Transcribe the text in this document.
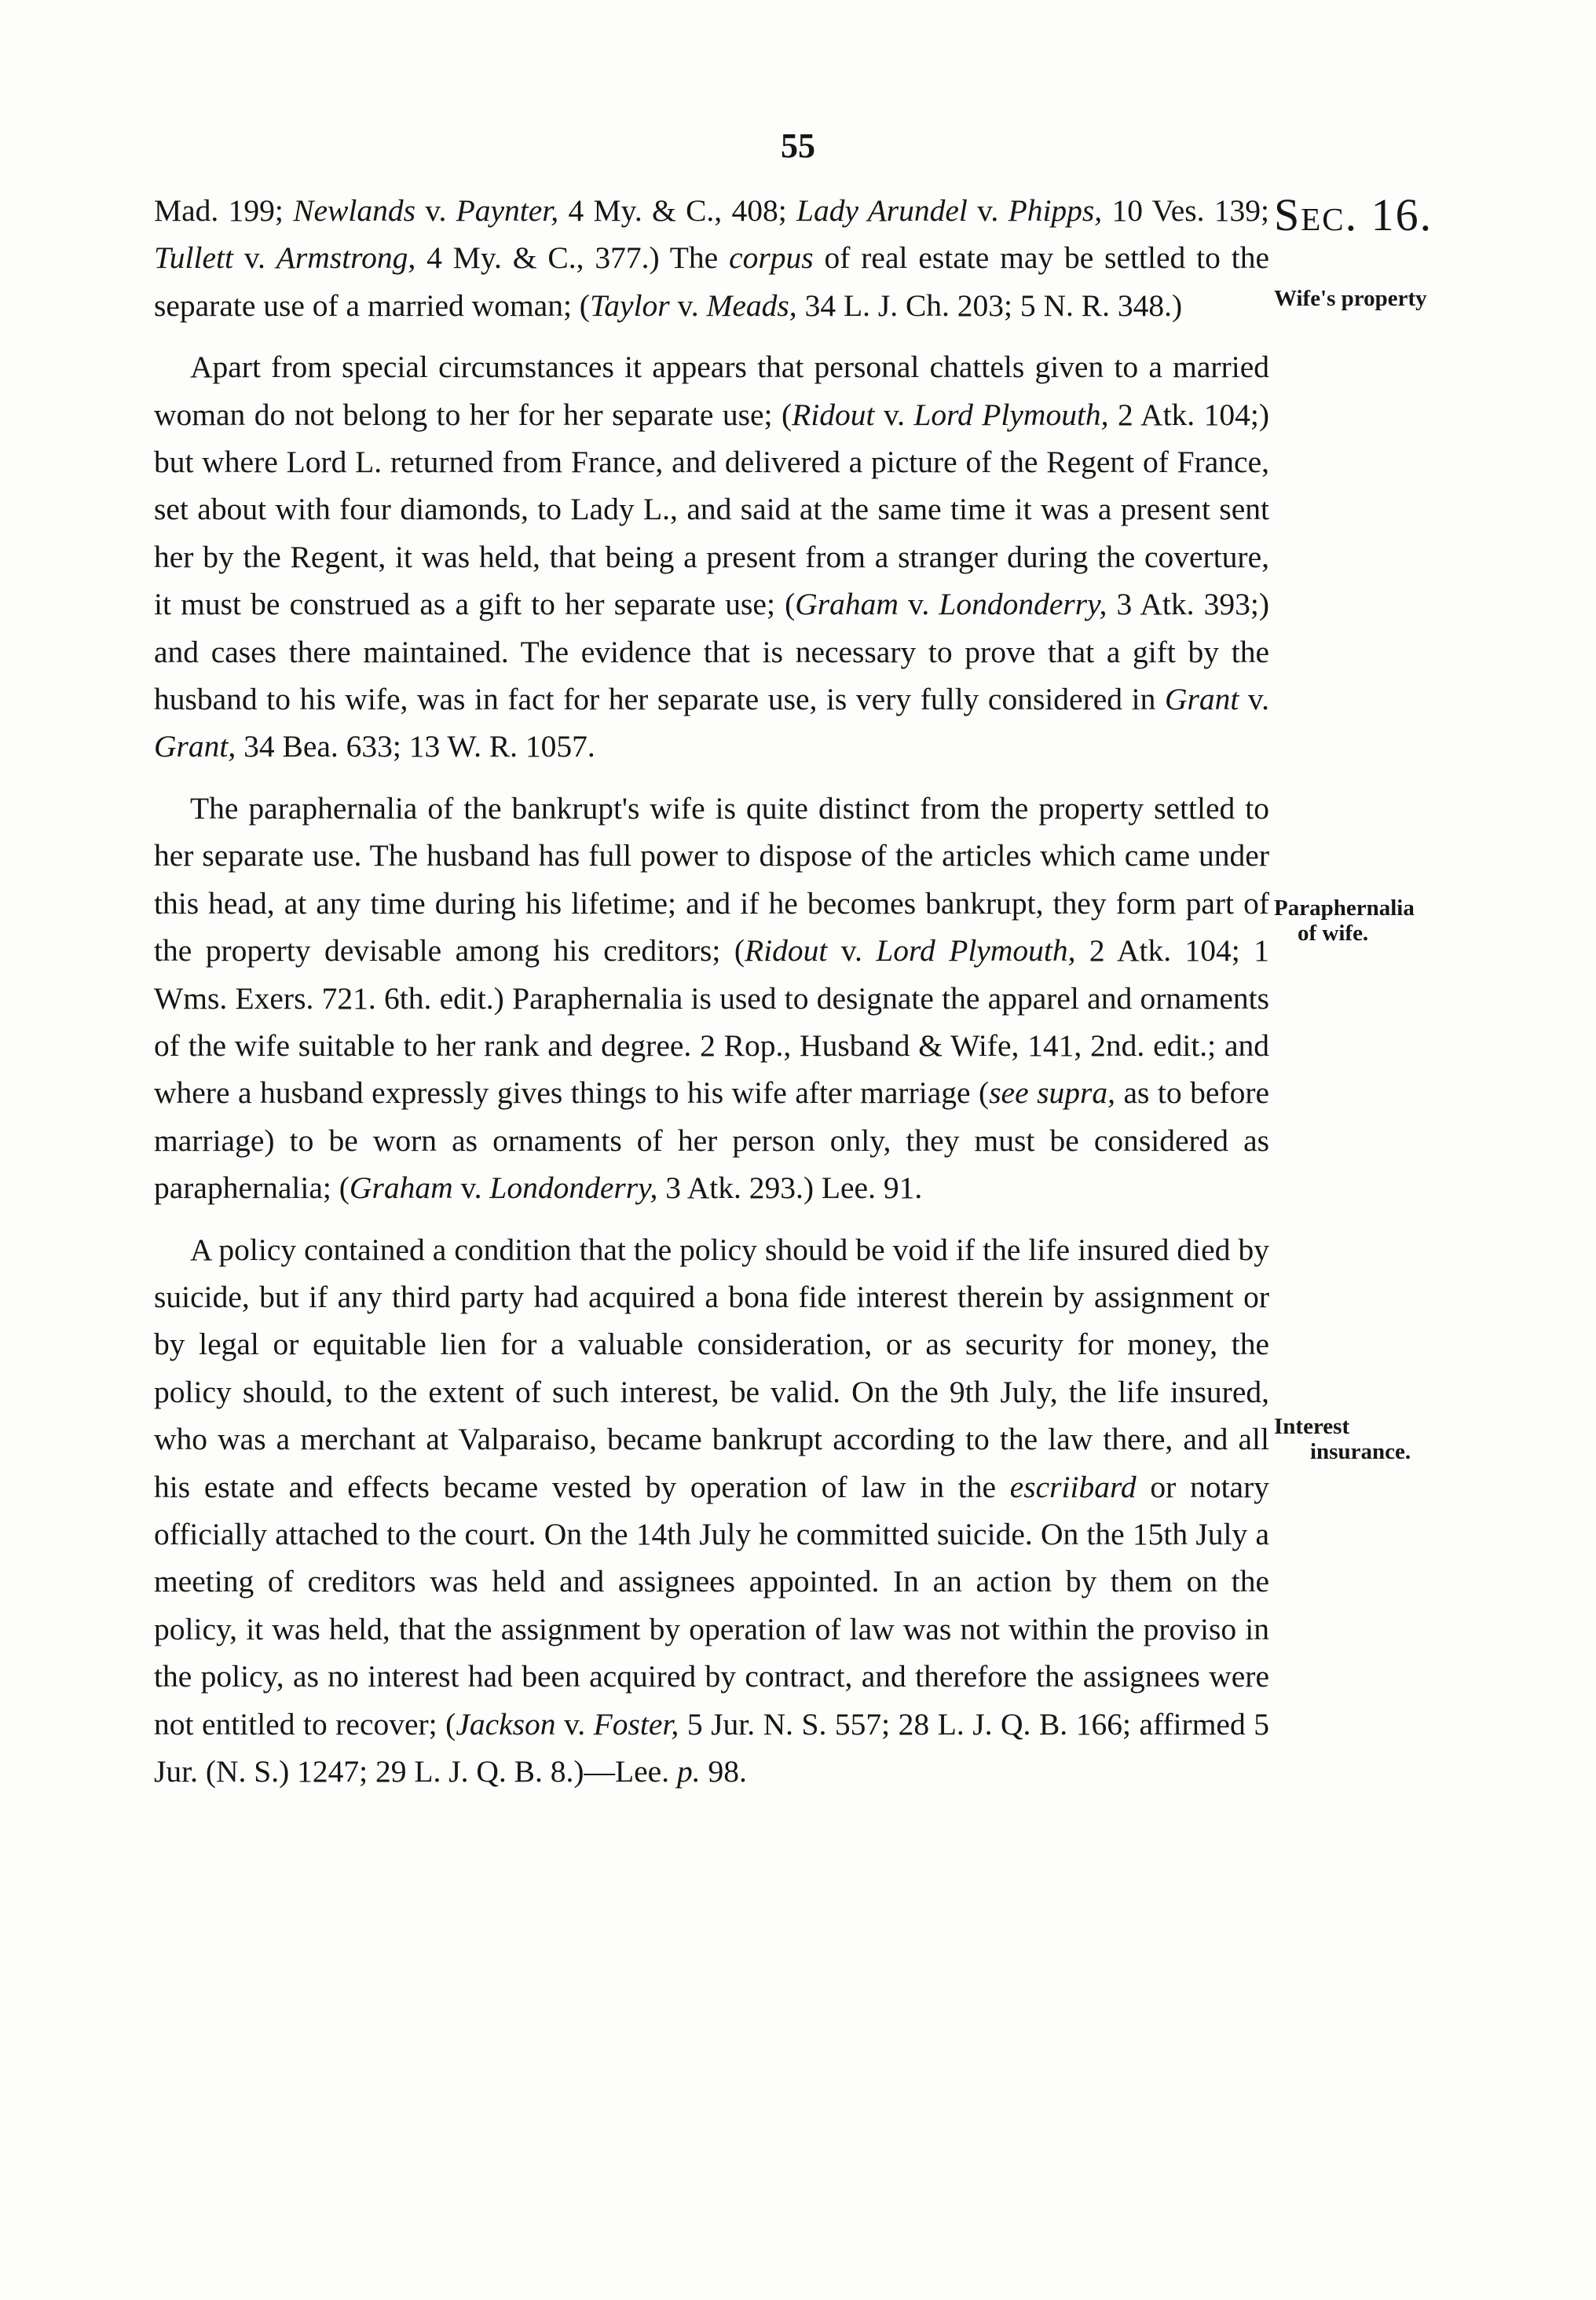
55
Sec. 16.
Wife's property
Paraphernalia
of wife.
Interest
insurance.

Mad. 199; Newlands v. Paynter, 4 My. & C., 408; Lady Arundel v. Phipps, 10 Ves. 139; Tullett v. Armstrong, 4 My. & C., 377.) The corpus of real estate may be settled to the separate use of a married woman; (Taylor v. Meads, 34 L. J. Ch. 203; 5 N. R. 348.)

Apart from special circumstances it appears that personal chattels given to a married woman do not belong to her for her separate use; (Ridout v. Lord Plymouth, 2 Atk. 104;) but where Lord L. returned from France, and delivered a picture of the Regent of France, set about with four diamonds, to Lady L., and said at the same time it was a present sent her by the Regent, it was held, that being a present from a stranger during the coverture, it must be construed as a gift to her separate use; (Graham v. Londonderry, 3 Atk. 393;) and cases there maintained. The evidence that is necessary to prove that a gift by the husband to his wife, was in fact for her separate use, is very fully considered in Grant v. Grant, 34 Bea. 633; 13 W. R. 1057.

The paraphernalia of the bankrupt's wife is quite distinct from the property settled to her separate use. The husband has full power to dispose of the articles which came under this head, at any time during his lifetime; and if he becomes bankrupt, they form part of the property devisable among his creditors; (Ridout v. Lord Plymouth, 2 Atk. 104; 1 Wms. Exers. 721. 6th. edit.) Paraphernalia is used to designate the apparel and ornaments of the wife suitable to her rank and degree. 2 Rop., Husband & Wife, 141, 2nd. edit.; and where a husband expressly gives things to his wife after marriage (see supra, as to before marriage) to be worn as ornaments of her person only, they must be considered as paraphernalia; (Graham v. Londonderry, 3 Atk. 293.) Lee. 91.

A policy contained a condition that the policy should be void if the life insured died by suicide, but if any third party had acquired a bona fide interest therein by assignment or by legal or equitable lien for a valuable consideration, or as security for money, the policy should, to the extent of such interest, be valid. On the 9th July, the life insured, who was a merchant at Valparaiso, became bankrupt according to the law there, and all his estate and effects became vested by operation of law in the escriibard or notary officially attached to the court. On the 14th July he committed suicide. On the 15th July a meeting of creditors was held and assignees appointed. In an action by them on the policy, it was held, that the assignment by operation of law was not within the proviso in the policy, as no interest had been acquired by contract, and therefore the assignees were not entitled to recover; (Jackson v. Foster, 5 Jur. N. S. 557; 28 L. J. Q. B. 166; affirmed 5 Jur. (N. S.) 1247; 29 L. J. Q. B. 8.)—Lee. p. 98.
